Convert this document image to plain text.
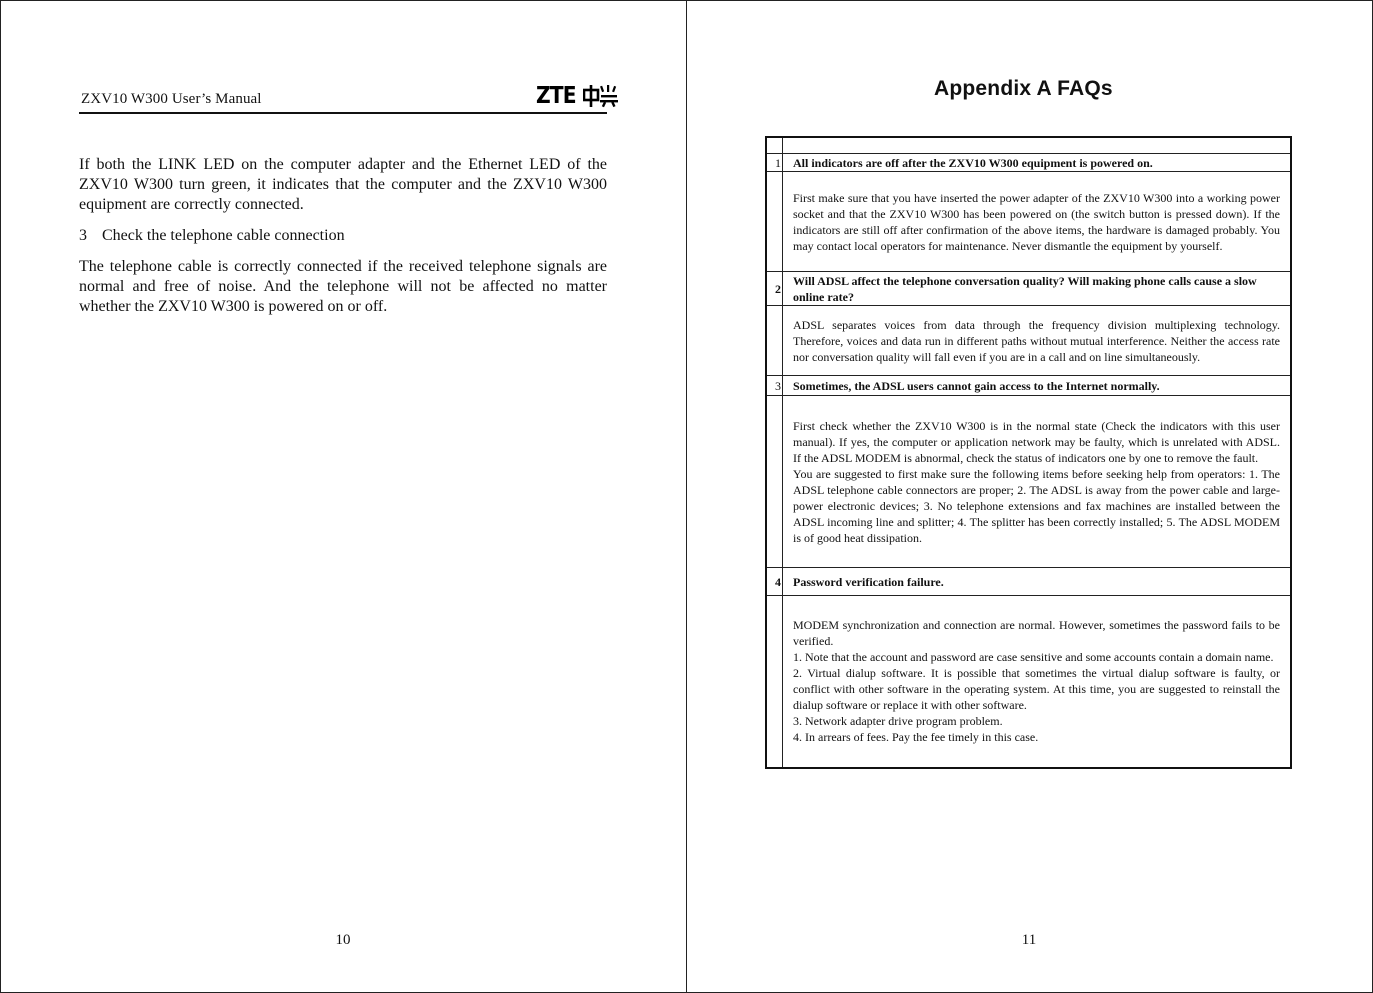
ZXV10 W300 User’s Manual	ZTE

If both the LINK LED on the computer adapter and the Ethernet LED of the ZXV10 W300 turn green, it indicates that the computer and the ZXV10 W300 equipment are correctly connected.

3 Check the telephone cable connection

The telephone cable is correctly connected if the received telephone signals are normal and free of noise. And the telephone will not be affected no matter whether the ZXV10 W300 is powered on or off.

10
Appendix A FAQs

1	All indicators are off after the ZXV10 W300 equipment is powered on.

	First make sure that you have inserted the power adapter of the ZXV10 W300 into a working power socket and that the ZXV10 W300 has been powered on (the switch button is pressed down). If the indicators are still off after confirmation of the above items, the hardware is damaged probably. You may contact local operators for maintenance. Never dismantle the equipment by yourself.

2	Will ADSL affect the telephone conversation quality? Will making phone calls cause a slow online rate?

	ADSL separates voices from data through the frequency division multiplexing technology. Therefore, voices and data run in different paths without mutual interference. Neither the access rate nor conversation quality will fall even if you are in a call and on line simultaneously.

3	Sometimes, the ADSL users cannot gain access to the Internet normally.

	First check whether the ZXV10 W300 is in the normal state (Check the indicators with this user manual). If yes, the computer or application network may be faulty, which is unrelated with ADSL. If the ADSL MODEM is abnormal, check the status of indicators one by one to remove the fault.

You are suggested to first make sure the following items before seeking help from operators: 1. The ADSL telephone cable connectors are proper; 2. The ADSL is away from the power cable and large-power electronic devices; 3. No telephone extensions and fax machines are installed between the ADSL incoming line and splitter; 4. The splitter has been correctly installed; 5. The ADSL MODEM is of good heat dissipation.

4	Password verification failure.

	MODEM synchronization and connection are normal. However, sometimes the password fails to be verified.

1. Note that the account and password are case sensitive and some accounts contain a domain name.

2. Virtual dialup software. It is possible that sometimes the virtual dialup software is faulty, or conflict with other software in the operating system. At this time, you are suggested to reinstall the dialup software or replace it with other software.

3. Network adapter drive program problem.

4. In arrears of fees. Pay the fee timely in this case.

11
